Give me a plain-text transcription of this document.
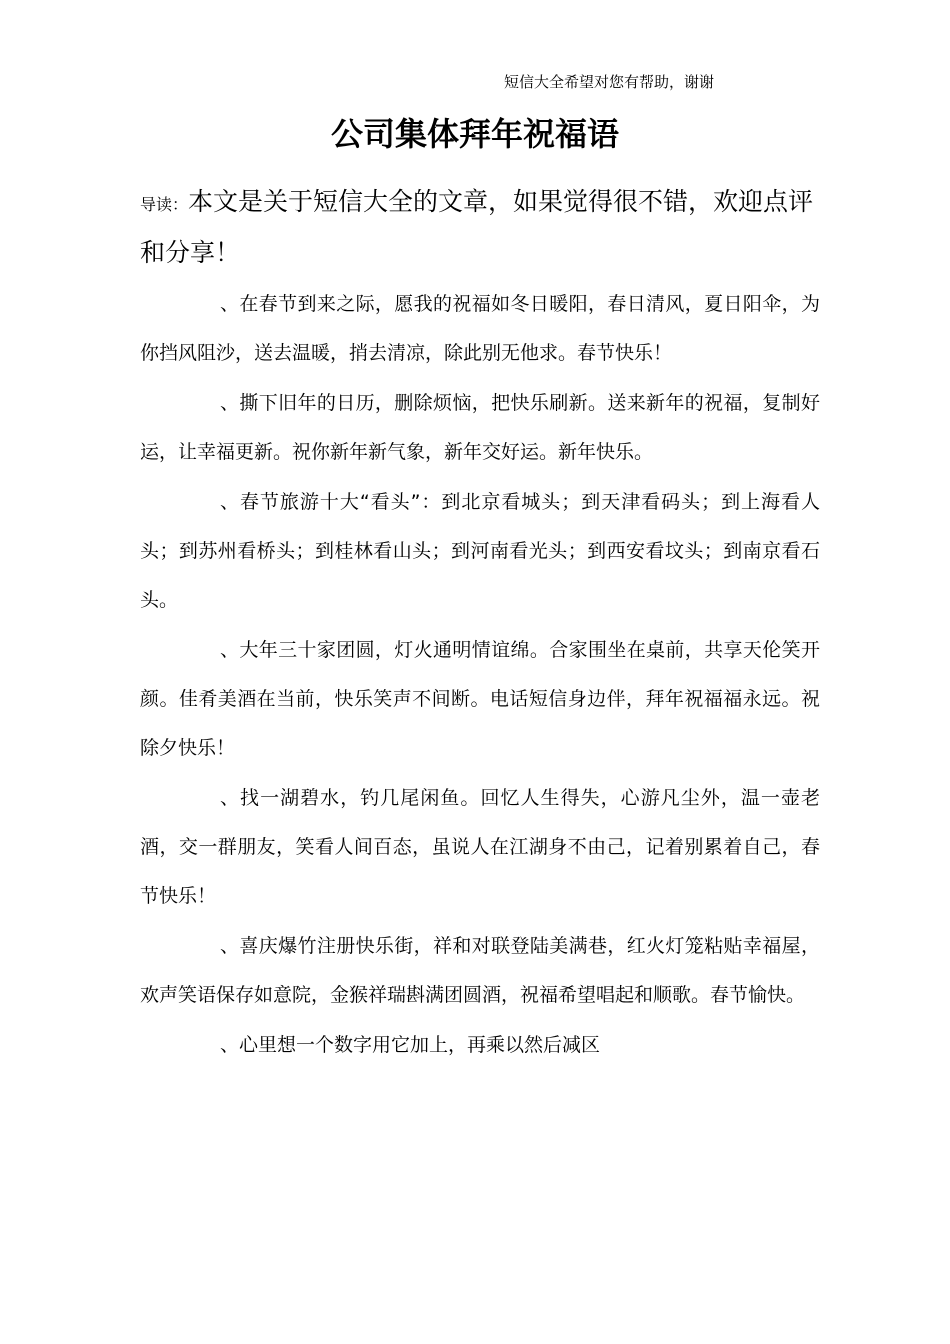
短信大全希望对您有帮助，谢谢
公司集体拜年祝福语

导读：本文是关于短信大全的文章，如果觉得很不错，欢迎点评和分享！

、在春节到来之际，愿我的祝福如冬日暖阳，春日清风，夏日阳伞，为你挡风阻沙，送去温暖，捎去清凉，除此别无他求。春节快乐！

、撕下旧年的日历，删除烦恼，把快乐刷新。送来新年的祝福，复制好运，让幸福更新。祝你新年新气象，新年交好运。新年快乐。

、春节旅游十大“看头”：到北京看城头；到天津看码头；到上海看人头；到苏州看桥头；到桂林看山头；到河南看光头；到西安看坟头；到南京看石头。

、大年三十家团圆，灯火通明情谊绵。合家围坐在桌前，共享天伦笑开颜。佳肴美酒在当前，快乐笑声不间断。电话短信身边伴，拜年祝福福永远。祝除夕快乐！

、找一湖碧水，钓几尾闲鱼。回忆人生得失，心游凡尘外，温一壶老酒，交一群朋友，笑看人间百态，虽说人在江湖身不由己，记着别累着自己，春节快乐！

、喜庆爆竹注册快乐街，祥和对联登陆美满巷，红火灯笼粘贴幸福屋，欢声笑语保存如意院，金猴祥瑞斟满团圆酒，祝福希望唱起和顺歌。春节愉快。

、心里想一个数字用它加上，再乘以然后减区
